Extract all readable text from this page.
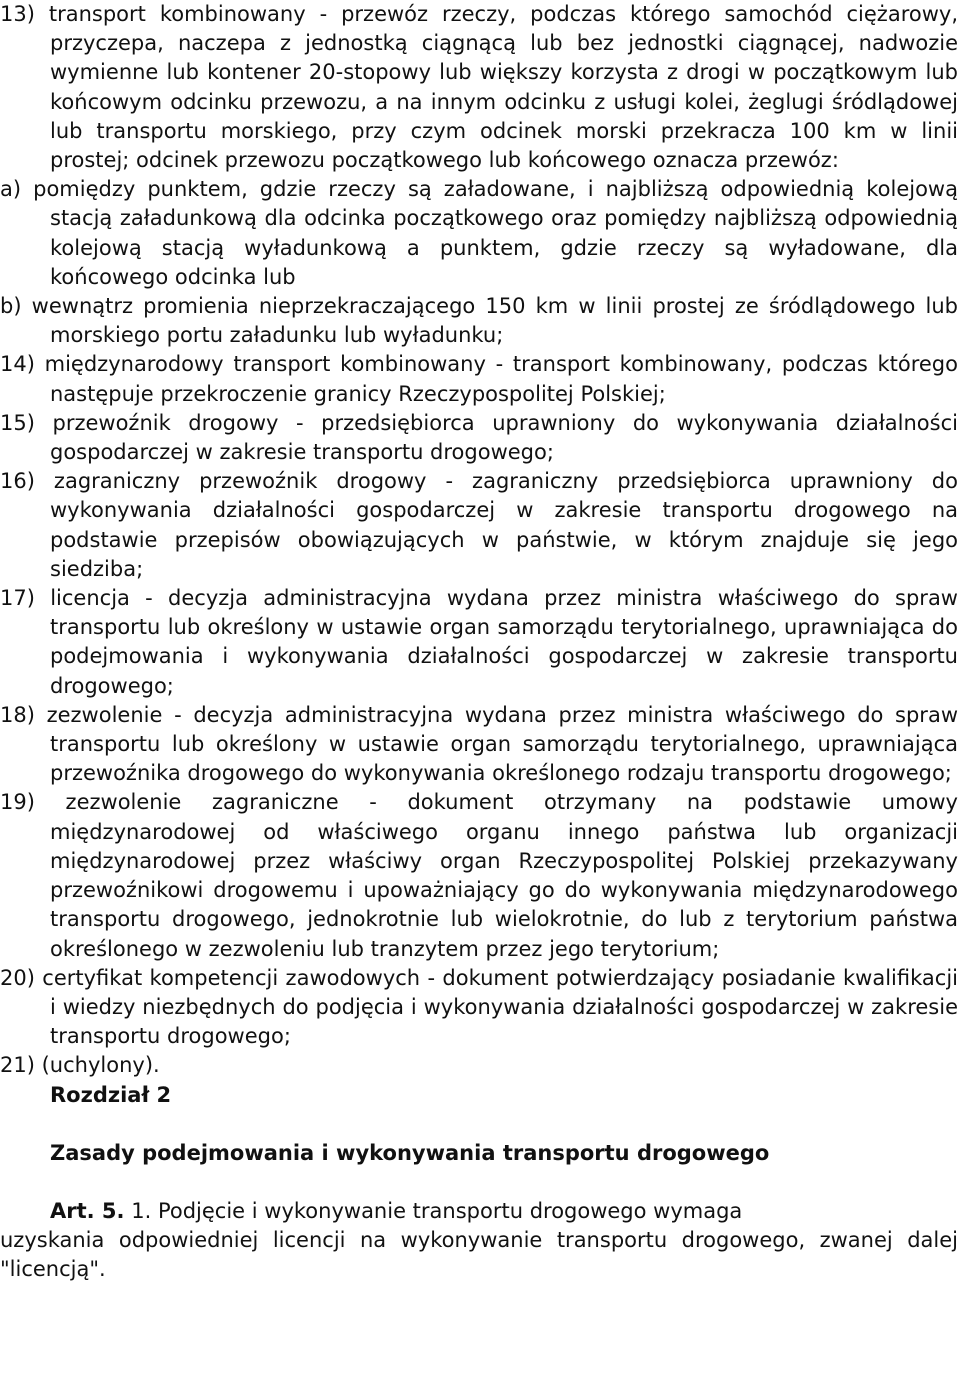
13) transport kombinowany - przewóz rzeczy, podczas którego samochód ciężarowy, przyczepa, naczepa z jednostką ciągnącą lub bez jednostki ciągnącej, nadwozie wymienne lub kontener 20-stopowy lub większy korzysta z drogi w początkowym lub końcowym odcinku przewozu, a na innym odcinku z usługi kolei, żeglugi śródlądowej lub transportu morskiego, przy czym odcinek morski przekracza 100 km w linii prostej; odcinek przewozu początkowego lub końcowego oznacza przewóz:
a) pomiędzy punktem, gdzie rzeczy są załadowane, i najbliższą odpowiednią kolejową stacją załadunkową dla odcinka początkowego oraz pomiędzy najbliższą odpowiednią kolejową stacją wyładunkową a punktem, gdzie rzeczy są wyładowane, dla końcowego odcinka lub
b) wewnątrz promienia nieprzekraczającego 150 km w linii prostej ze śródlądowego lub morskiego portu załadunku lub wyładunku;
14) międzynarodowy transport kombinowany - transport kombinowany, podczas którego następuje przekroczenie granicy Rzeczypospolitej Polskiej;
15) przewoźnik drogowy - przedsiębiorca uprawniony do wykonywania działalności gospodarczej w zakresie transportu drogowego;
16) zagraniczny przewoźnik drogowy - zagraniczny przedsiębiorca uprawniony do wykonywania działalności gospodarczej w zakresie transportu drogowego na podstawie przepisów obowiązujących w państwie, w którym znajduje się jego siedziba;
17) licencja - decyzja administracyjna wydana przez ministra właściwego do spraw transportu lub określony w ustawie organ samorządu terytorialnego, uprawniająca do podejmowania i wykonywania działalności gospodarczej w zakresie transportu drogowego;
18) zezwolenie - decyzja administracyjna wydana przez ministra właściwego do spraw transportu lub określony w ustawie organ samorządu terytorialnego, uprawniająca przewoźnika drogowego do wykonywania określonego rodzaju transportu drogowego;
19) zezwolenie zagraniczne - dokument otrzymany na podstawie umowy międzynarodowej od właściwego organu innego państwa lub organizacji międzynarodowej przez właściwy organ Rzeczypospolitej Polskiej przekazywany przewoźnikowi drogowemu i upoważniający go do wykonywania międzynarodowego transportu drogowego, jednokrotnie lub wielokrotnie, do lub z terytorium państwa określonego w zezwoleniu lub tranzytem przez jego terytorium;
20) certyfikat kompetencji zawodowych - dokument potwierdzający posiadanie kwalifikacji i wiedzy niezbędnych do podjęcia i wykonywania działalności gospodarczej w zakresie transportu drogowego;
21) (uchylony).
Rozdział 2
Zasady podejmowania i wykonywania transportu drogowego
Art. 5. 1. Podjęcie i wykonywanie transportu drogowego wymaga
uzyskania odpowiedniej licencji na wykonywanie transportu drogowego, zwanej dalej "licencją".
